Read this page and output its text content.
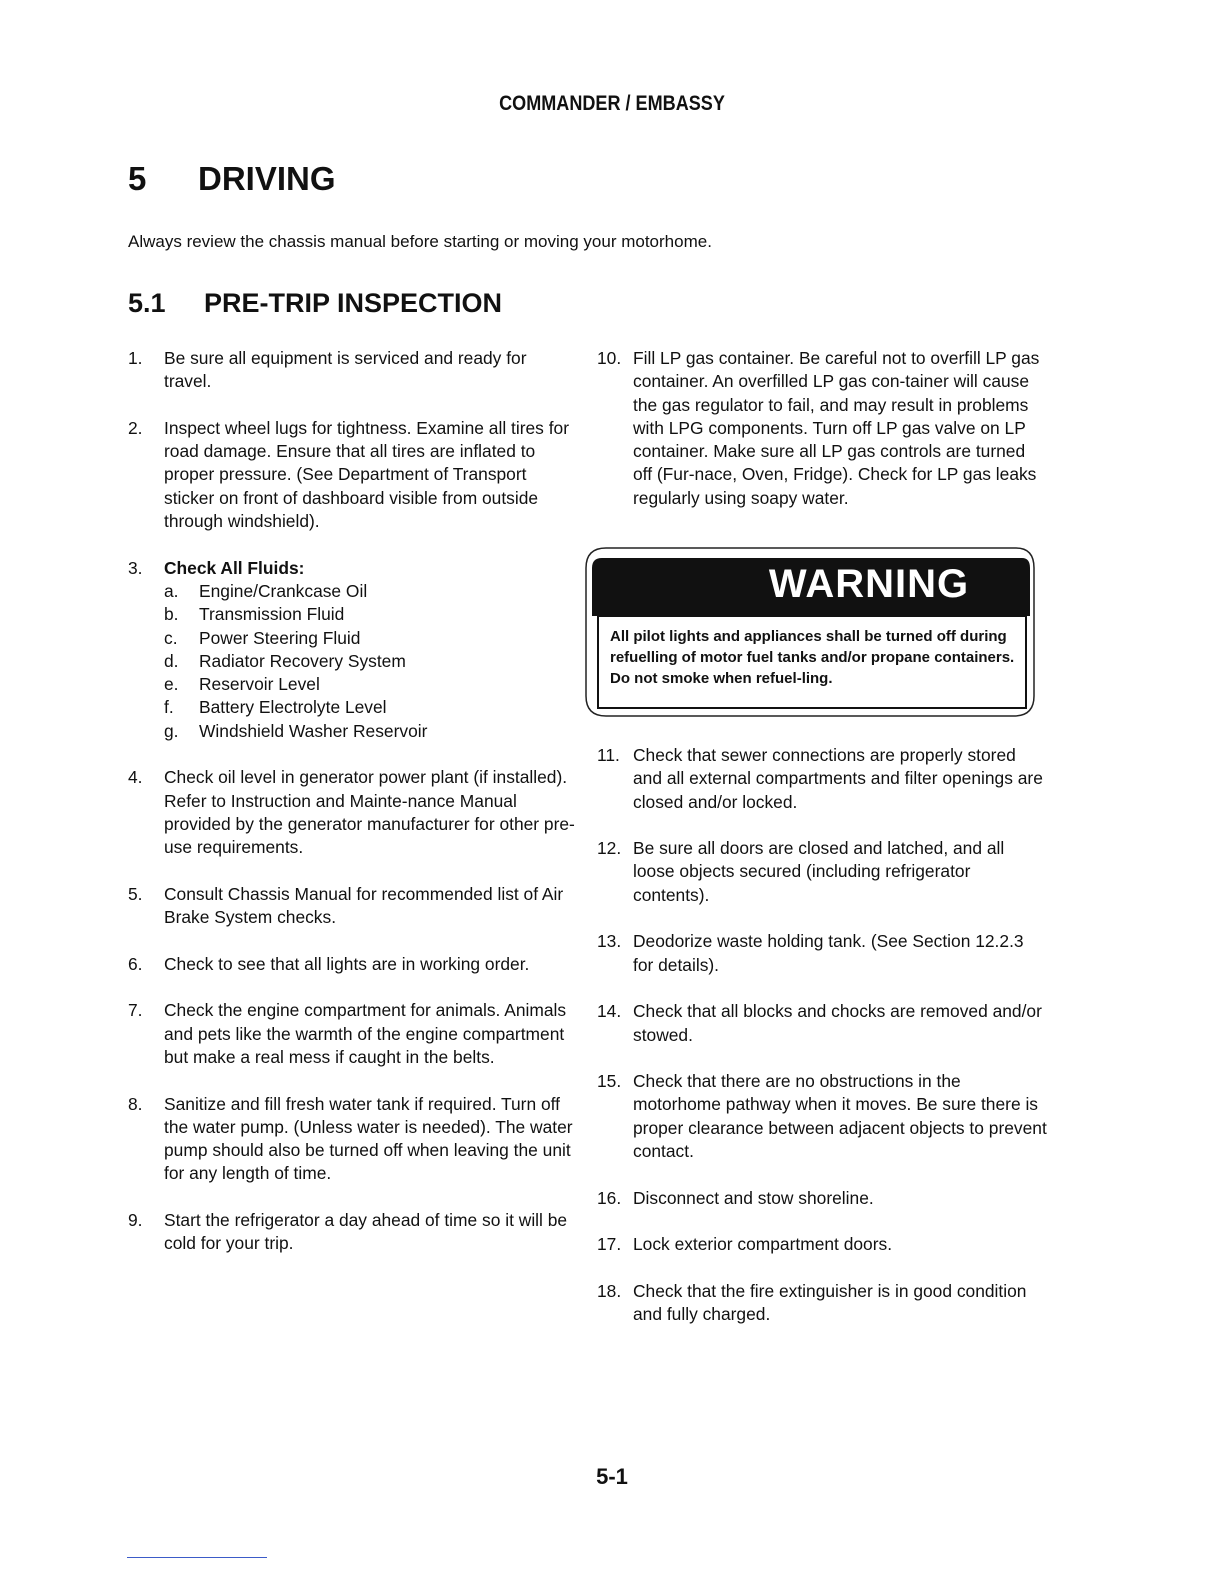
COMMANDER / EMBASSY
5 DRIVING
Always review the chassis manual before starting or moving your motorhome.
5.1 PRE-TRIP INSPECTION
1. Be sure all equipment is serviced and ready for travel.
2. Inspect wheel lugs for tightness. Examine all tires for road damage. Ensure that all tires are inflated to proper pressure. (See Department of Transport sticker on front of dashboard visible from outside through windshield).
3. Check All Fluids:
a. Engine/Crankcase Oil
b. Transmission Fluid
c. Power Steering Fluid
d. Radiator Recovery System
e. Reservoir Level
f. Battery Electrolyte Level
g. Windshield Washer Reservoir
4. Check oil level in generator power plant (if installed). Refer to Instruction and Mainte-nance Manual provided by the generator manufacturer for other pre-use requirements.
5. Consult Chassis Manual for recommended list of Air Brake System checks.
6. Check to see that all lights are in working order.
7. Check the engine compartment for animals. Animals and pets like the warmth of the engine compartment but make a real mess if caught in the belts.
8. Sanitize and fill fresh water tank if required. Turn off the water pump. (Unless water is needed). The water pump should also be turned off when leaving the unit for any length of time.
9. Start the refrigerator a day ahead of time so it will be cold for your trip.
10. Fill LP gas container. Be careful not to overfill LP gas container. An overfilled LP gas con-tainer will cause the gas regulator to fail, and may result in problems with LPG components. Turn off LP gas valve on LP container. Make sure all LP gas controls are turned off (Fur-nace, Oven, Fridge). Check for LP gas leaks regularly using soapy water.
WARNING
All pilot lights and appliances shall be turned off during refuelling of motor fuel tanks and/or propane containers. Do not smoke when refuel-ling.
11. Check that sewer connections are properly stored and all external compartments and filter openings are closed and/or locked.
12. Be sure all doors are closed and latched, and all loose objects secured (including refrigerator contents).
13. Deodorize waste holding tank. (See Section 12.2.3 for details).
14. Check that all blocks and chocks are removed and/or stowed.
15. Check that there are no obstructions in the motorhome pathway when it moves. Be sure there is proper clearance between adjacent objects to prevent contact.
16. Disconnect and stow shoreline.
17. Lock exterior compartment doors.
18. Check that the fire extinguisher is in good condition and fully charged.
5-1
